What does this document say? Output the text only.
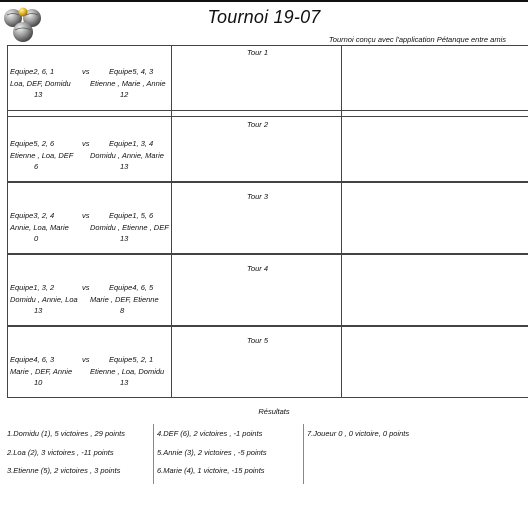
Tournoi 19-07
Tournoi conçu avec l'application Pétanque entre amis
Equipe2, 6, 1	vs	Equipe5, 4, 3
Loa, DEF, Domidu	Etienne , Marie , Annie
13	12
Tour 1
Equipe5, 2, 6	vs	Equipe1, 3, 4
Etienne , Loa, DEF Domidu , Annie, Marie
6	13
Tour 2
Equipe3, 2, 4	vs	Equipe1, 5, 6
Annie, Loa, Marie	Domidu , Etienne , DEF
0	13
Tour 3
Equipe1, 3, 2	vs	Equipe4, 6, 5
Domidu , Annie, Loa Marie , DEF, Etienne
13	8
Tour 4
Equipe4, 6, 3	vs	Equipe5, 2, 1
Marie , DEF, Annie Etienne , Loa, Domidu
10	13
Tour 5
Résultats
1.Domidu (1), 5 victoires , 29 points
2.Loa (2), 3 victoires , -11 points
3.Etienne (5), 2 victoires , 3 points
4.DEF (6), 2 victoires , -1 points
5.Annie (3), 2 victoires , -5 points
6.Marie (4), 1 victoire, -15 points
7.Joueur 0 , 0 victoire, 0 points
